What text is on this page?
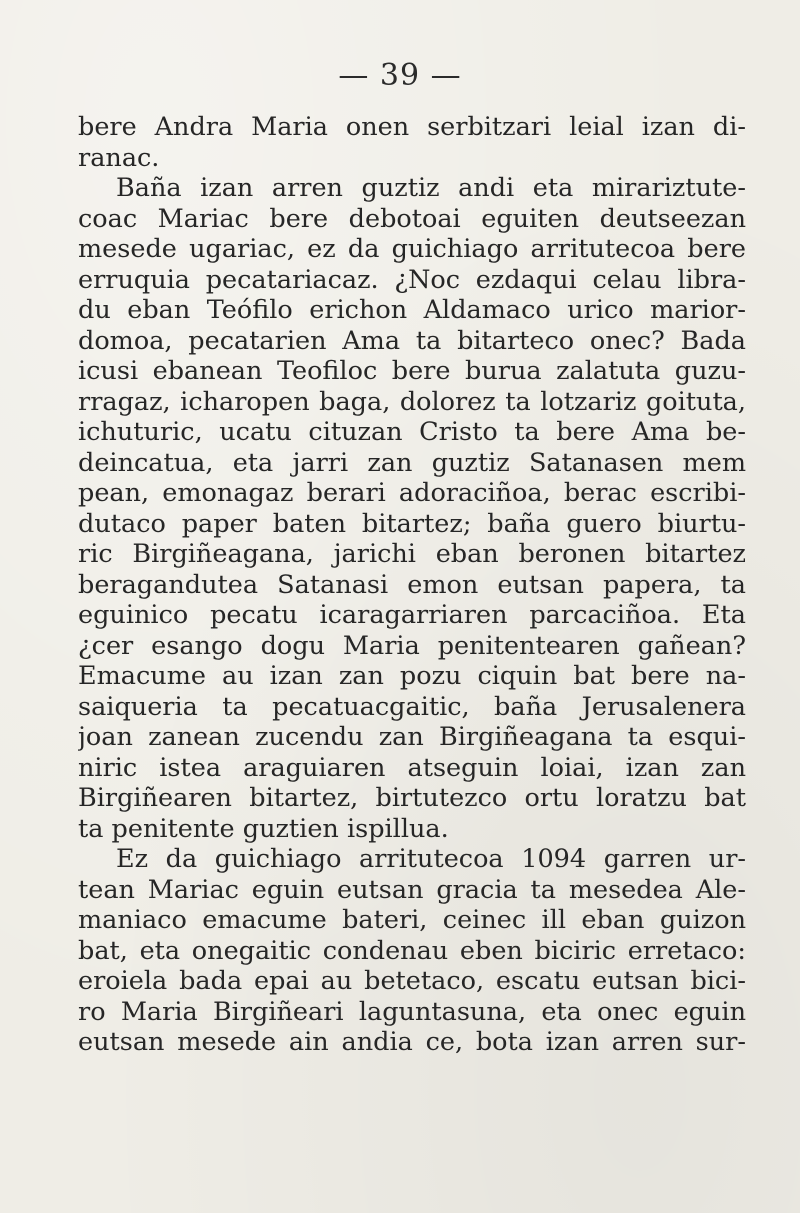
— 39 —
bere Andra Maria onen serbitzari leial izan di-
ranac.
Baña izan arren guztiz andi eta mirariztute-
coac Mariac bere debotoai eguiten deutseezan
mesede ugariac, ez da guichiago arritutecoa bere
erruquia pecatariacaz. ¿Noc ezdaqui celau libra-
du eban Teófilo erichon Aldamaco urico marior-
domoa, pecatarien Ama ta bitarteco onec? Bada
icusi ebanean Teofiloc bere burua zalatuta guzu-
rragaz, icharopen baga, dolorez ta lotzariz goituta,
ichuturic, ucatu cituzan Cristo ta bere Ama be-
deincatua, eta jarri zan guztiz Satanasen mem
pean, emonagaz berari adoraciñoa, berac escribi-
dutaco paper baten bitartez; baña guero biurtu-
ric Birgiñeagana, jarichi eban beronen bitartez
beragandutea Satanasi emon eutsan papera, ta
eguinico pecatu icaragarriaren parcaciñoa. Eta
¿cer esango dogu Maria penitentearen gañean?
Emacume au izan zan pozu ciquin bat bere na-
saiqueria ta pecatuacgaitic, baña Jerusalenera
joan zanean zucendu zan Birgiñeagana ta esqui-
niric istea araguiaren atseguin loiai, izan zan
Birgiñearen bitartez, birtutezco ortu loratzu bat
ta penitente guztien ispillua.
Ez da guichiago arritutecoa 1094 garren ur-
tean Mariac eguin eutsan gracia ta mesedea Ale-
maniaco emacume bateri, ceinec ill eban guizon
bat, eta onegaitic condenau eben biciric erretaco:
eroiela bada epai au betetaco, escatu eutsan bici-
ro Maria Birgiñeari laguntasuna, eta onec eguin
eutsan mesede ain andia ce, bota izan arren sur-
